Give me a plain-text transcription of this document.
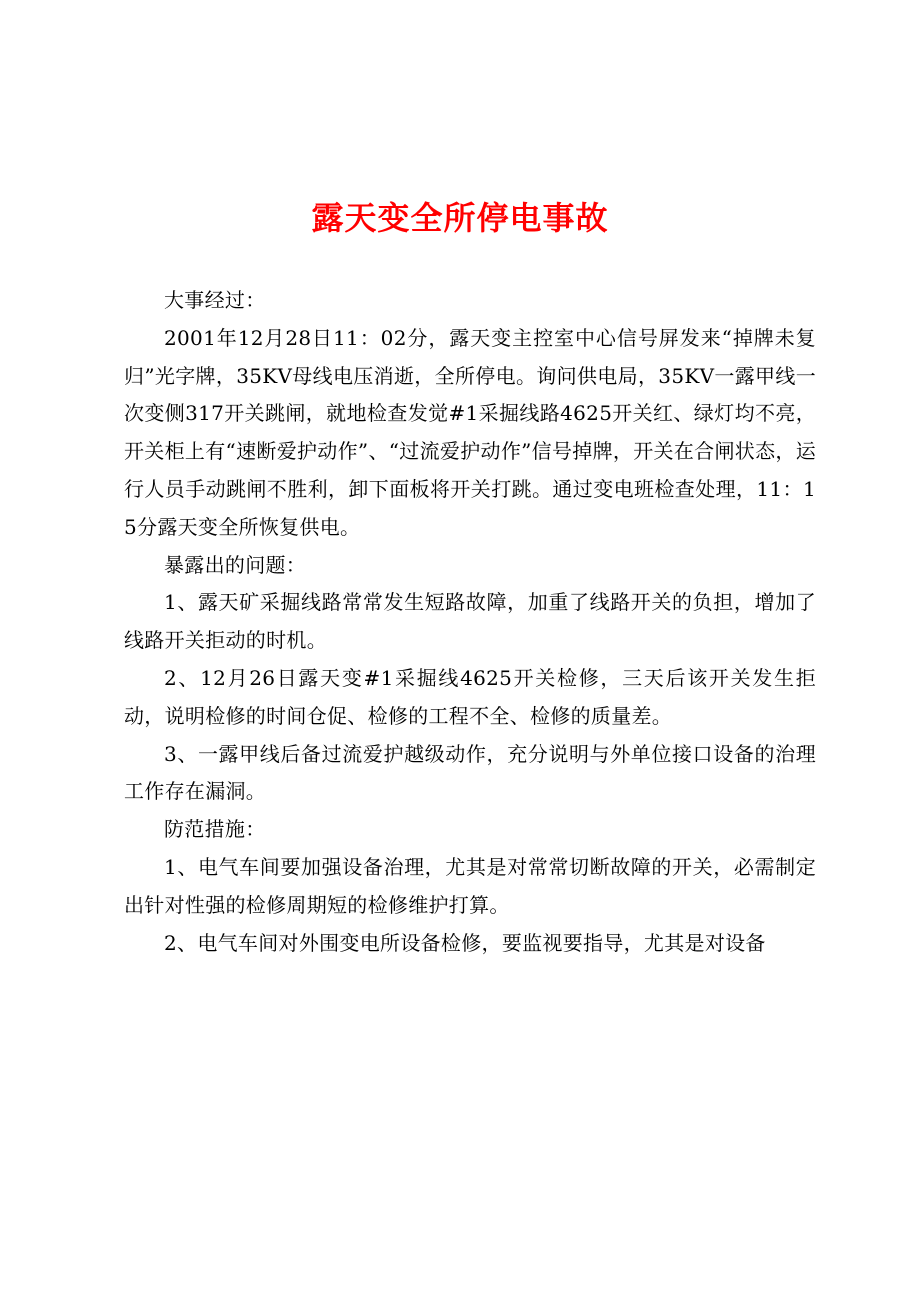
露天变全所停电事故

大事经过：

2001年12月28日11：02分，露天变主控室中心信号屏发来“掉牌未复归”光字牌，35KV母线电压消逝，全所停电。询问供电局，35KV一露甲线一次变侧317开关跳闸，就地检查发觉#1采掘线路4625开关红、绿灯均不亮，开关柜上有“速断爱护动作”、“过流爱护动作”信号掉牌，开关在合闸状态，运行人员手动跳闸不胜利，卸下面板将开关打跳。通过变电班检查处理，11：15分露天变全所恢复供电。

暴露出的问题：

1、露天矿采掘线路常常发生短路故障，加重了线路开关的负担，增加了线路开关拒动的时机。

2、12月26日露天变#1采掘线4625开关检修，三天后该开关发生拒动，说明检修的时间仓促、检修的工程不全、检修的质量差。

3、一露甲线后备过流爱护越级动作，充分说明与外单位接口设备的治理工作存在漏洞。

防范措施：

1、电气车间要加强设备治理，尤其是对常常切断故障的开关，必需制定出针对性强的检修周期短的检修维护打算。

2、电气车间对外围变电所设备检修，要监视要指导，尤其是对设备
